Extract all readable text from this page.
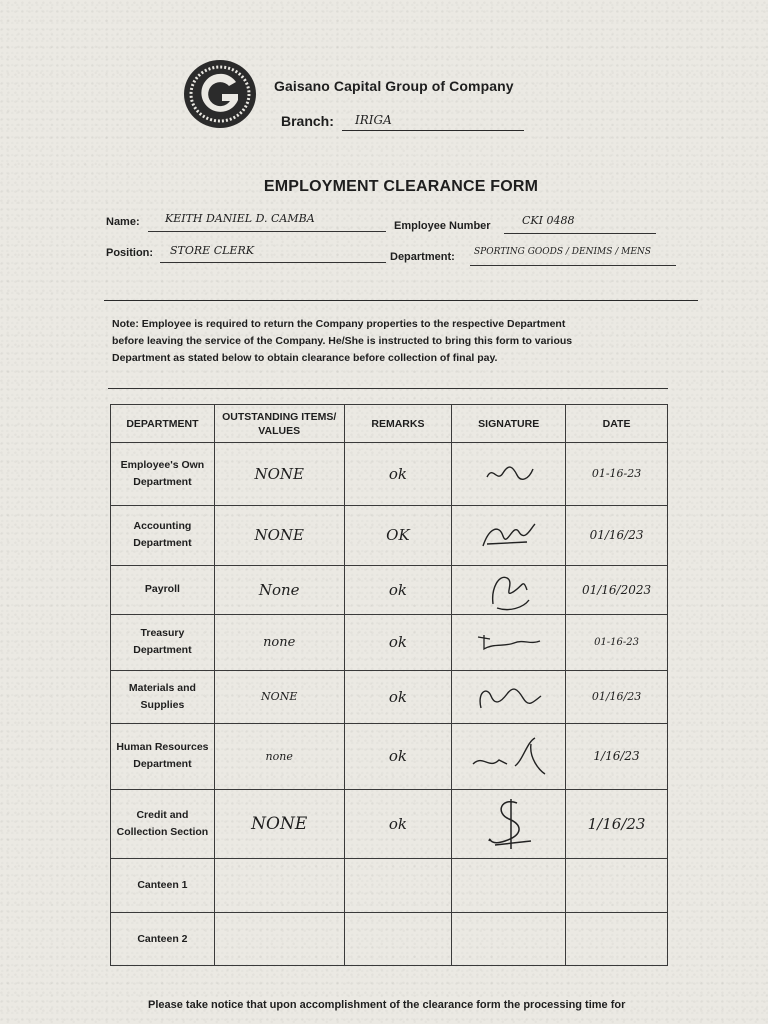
Gaisano Capital Group of Company
Branch: IRIGA
EMPLOYMENT CLEARANCE FORM
Name: KEITH DANIEL D. CAMBA
Employee Number	CKI 0488
Position: STORE CLERK	Department: SPORTING GOODS / DENIMS / MENS
Note: Employee is required to return the Company properties to the respective Department before leaving the service of the Company. He/She is instructed to bring this form to various Department as stated below to obtain clearance before collection of final pay.
DEPARTMENT	OUTSTANDING ITEMS/ VALUES	REMARKS	SIGNATURE	DATE
Employee's Own Department	NONE	ok		01-16-23
Accounting Department	NONE	OK		01/16/23
Payroll	None	ok		01/16/2023
Treasury Department	none	ok		01-16-23
Materials and Supplies	NONE	ok		01/16/23
Human Resources Department	none	ok		1/16/23
Credit and Collection Section	NONE	ok		1/16/23
Canteen 1				
Canteen 2				
Please take notice that upon accomplishment of the clearance form the processing time for
